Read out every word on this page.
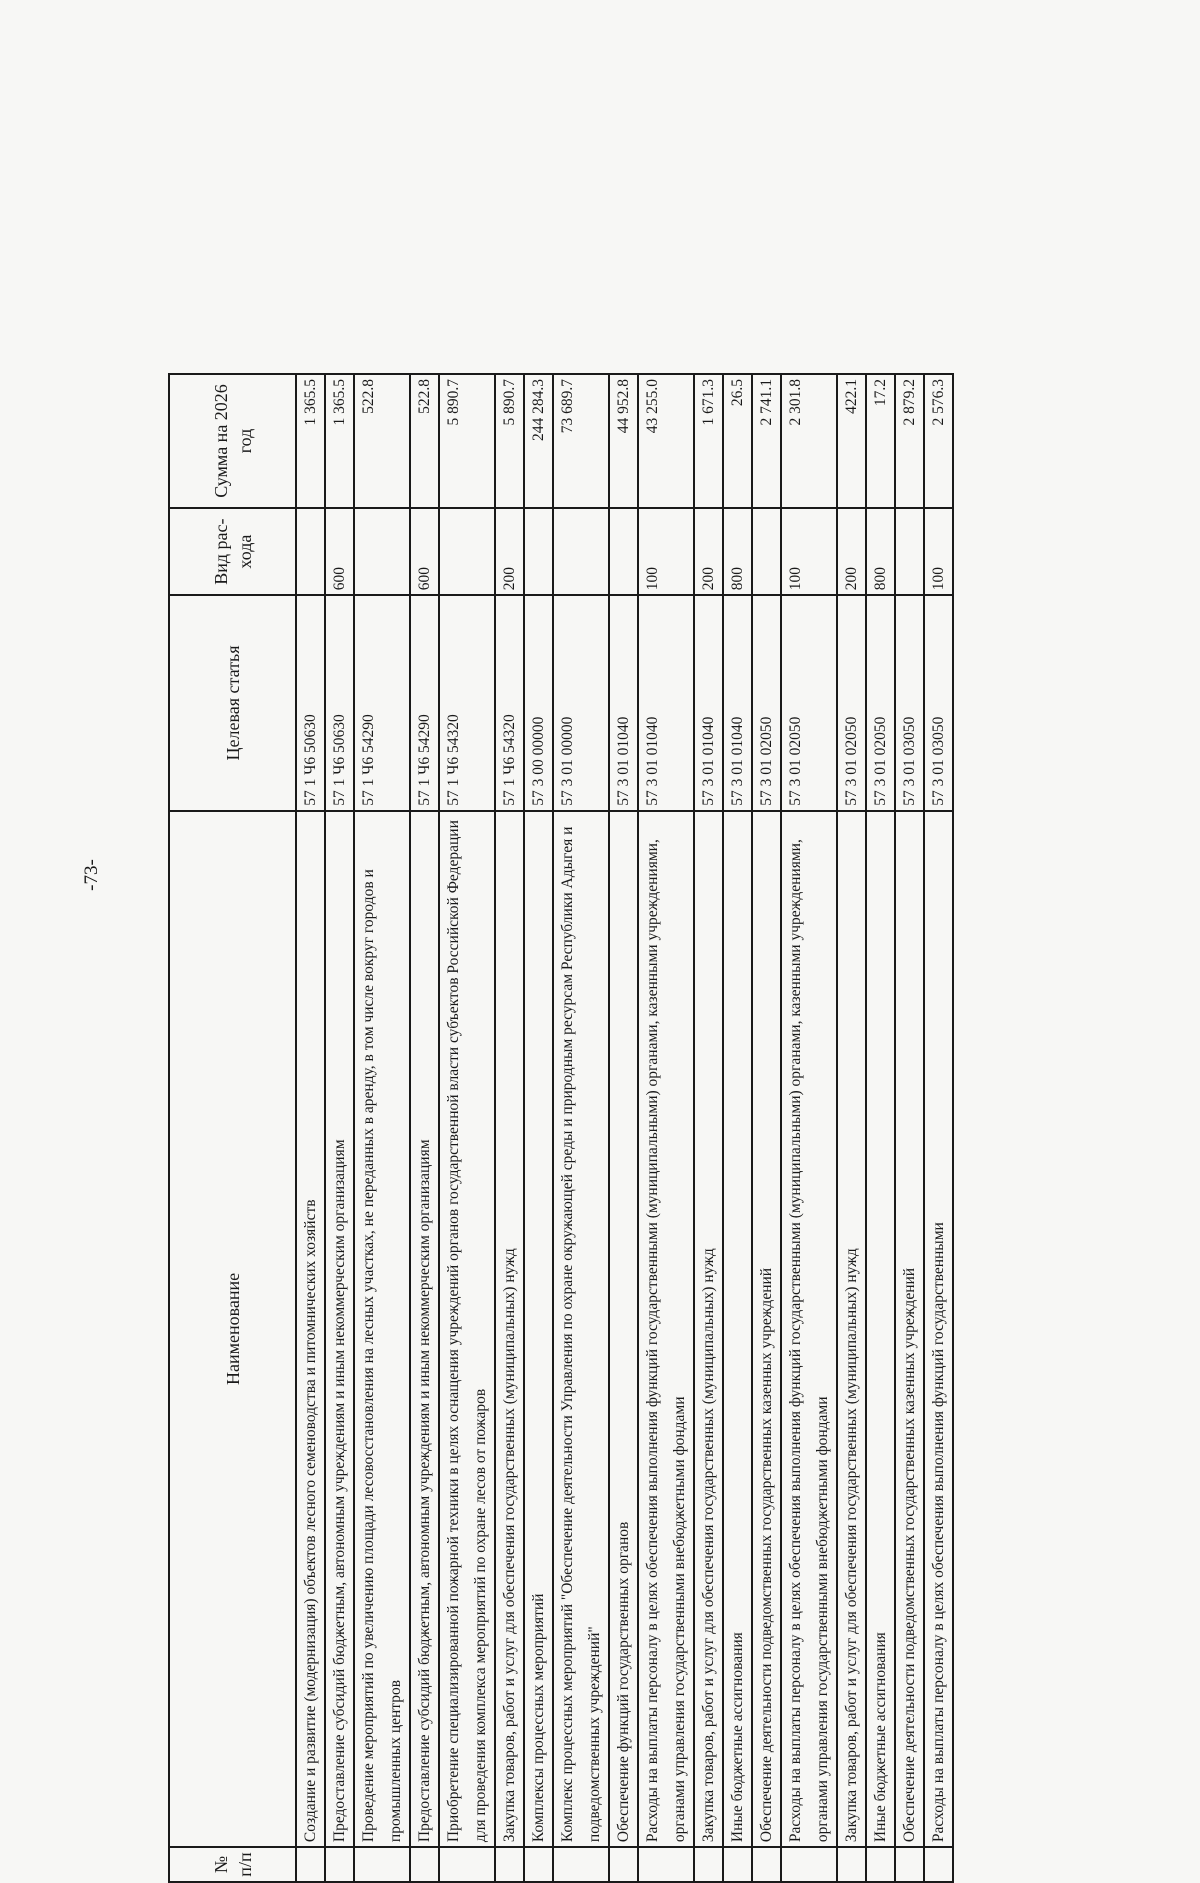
-73-
№ п/п	Наименование	Целевая статья	Вид рас- хода	Сумма на 2026 год
	Создание и развитие (модернизация) объектов лесного семеноводства и питомнических хозяйств	57 1 Ч6 50630		1 365.5
	Предоставление субсидий бюджетным, автономным учреждениям и иным некоммерческим организациям	57 1 Ч6 50630	600	1 365.5
	Проведение мероприятий по увеличению площади лесовосстановления на лесных участках, не переданных в аренду, в том числе вокруг городов и промышленных центров	57 1 Ч6 54290		522.8
	Предоставление субсидий бюджетным, автономным учреждениям и иным некоммерческим организациям	57 1 Ч6 54290	600	522.8
	Приобретение специализированной пожарной техники в целях оснащения учреждений органов государственной власти субъектов Российской Федерации для проведения комплекса мероприятий по охране лесов от пожаров	57 1 Ч6 54320		5 890.7
	Закупка товаров, работ и услуг для обеспечения государственных (муниципальных) нужд	57 1 Ч6 54320	200	5 890.7
	Комплексы процессных мероприятий	57 3 00 00000		244 284.3
	Комплекс процессных мероприятий "Обеспечение деятельности Управления по охране окружающей среды и природным ресурсам Республики Адыгея и подведомственных учреждений"	57 3 01 00000		73 689.7
	Обеспечение функций государственных органов	57 3 01 01040		44 952.8
	Расходы на выплаты персоналу в целях обеспечения выполнения функций государственными (муниципальными) органами, казенными учреждениями, органами управления государственными внебюджетными фондами	57 3 01 01040	100	43 255.0
	Закупка товаров, работ и услуг для обеспечения государственных (муниципальных) нужд	57 3 01 01040	200	1 671.3
	Иные бюджетные ассигнования	57 3 01 01040	800	26.5
	Обеспечение деятельности подведомственных государственных казенных учреждений	57 3 01 02050		2 741.1
	Расходы на выплаты персоналу в целях обеспечения выполнения функций государственными (муниципальными) органами, казенными учреждениями, органами управления государственными внебюджетными фондами	57 3 01 02050	100	2 301.8
	Закупка товаров, работ и услуг для обеспечения государственных (муниципальных) нужд	57 3 01 02050	200	422.1
	Иные бюджетные ассигнования	57 3 01 02050	800	17.2
	Обеспечение деятельности подведомственных государственных казенных учреждений	57 3 01 03050		2 879.2
	Расходы на выплаты персоналу в целях обеспечения выполнения функций государственными	57 3 01 03050	100	2 576.3
